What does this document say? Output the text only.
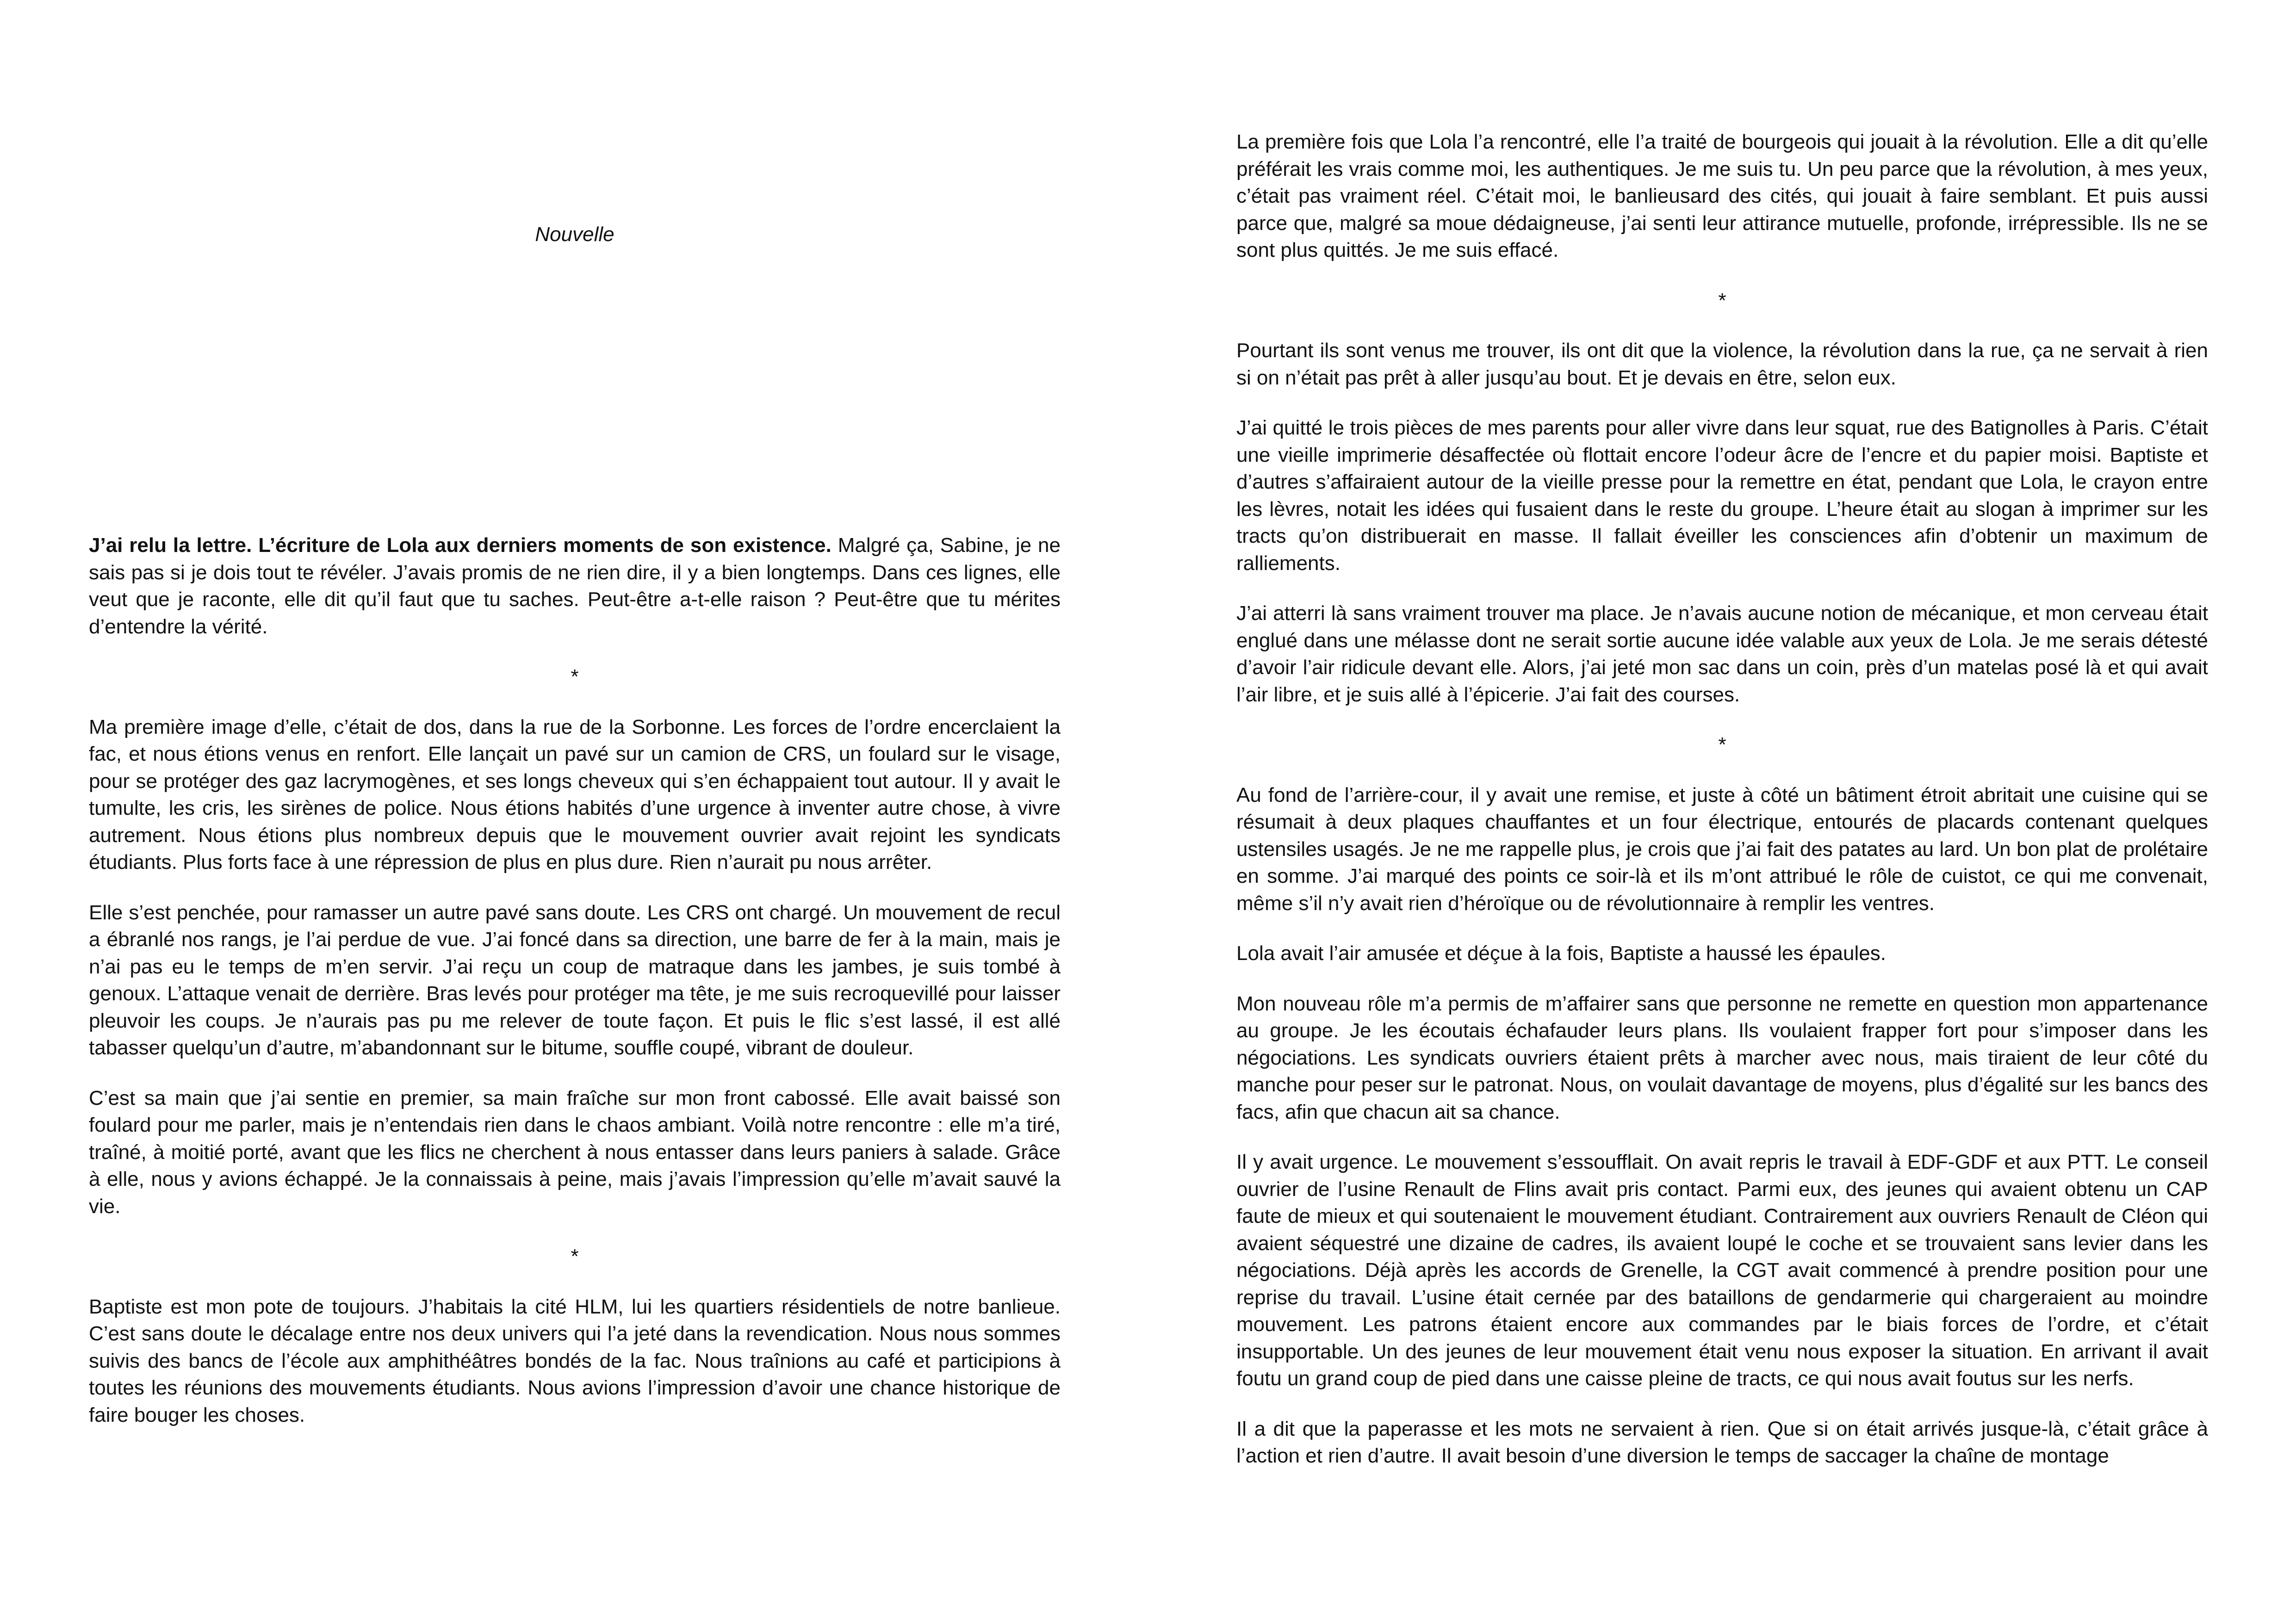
Nouvelle

J’ai relu la lettre. L’écriture de Lola aux derniers moments de son existence. Malgré ça, Sabine, je ne sais pas si je dois tout te révéler. J’avais promis de ne rien dire, il y a bien longtemps. Dans ces lignes, elle veut que je raconte, elle dit qu’il faut que tu saches. Peut-être a-t-elle raison ? Peut-être que tu mérites d’entendre la vérité.

*

Ma première image d’elle, c’était de dos, dans la rue de la Sorbonne. Les forces de l’ordre encerclaient la fac, et nous étions venus en renfort. Elle lançait un pavé sur un camion de CRS, un foulard sur le visage, pour se protéger des gaz lacrymogènes, et ses longs cheveux qui s’en échappaient tout autour. Il y avait le tumulte, les cris, les sirènes de police. Nous étions habités d’une urgence à inventer autre chose, à vivre autrement. Nous étions plus nombreux depuis que le mouvement ouvrier avait rejoint les syndicats étudiants. Plus forts face à une répression de plus en plus dure. Rien n’aurait pu nous arrêter.

Elle s’est penchée, pour ramasser un autre pavé sans doute. Les CRS ont chargé. Un mouvement de recul a ébranlé nos rangs, je l’ai perdue de vue. J’ai foncé dans sa direction, une barre de fer à la main, mais je n’ai pas eu le temps de m’en servir. J’ai reçu un coup de matraque dans les jambes, je suis tombé à genoux. L’attaque venait de derrière. Bras levés pour protéger ma tête, je me suis recroquevillé pour laisser pleuvoir les coups. Je n’aurais pas pu me relever de toute façon. Et puis le flic s’est lassé, il est allé tabasser quelqu’un d’autre, m’abandonnant sur le bitume, souffle coupé, vibrant de douleur.

C’est sa main que j’ai sentie en premier, sa main fraîche sur mon front cabossé. Elle avait baissé son foulard pour me parler, mais je n’entendais rien dans le chaos ambiant. Voilà notre rencontre : elle m’a tiré, traîné, à moitié porté, avant que les flics ne cherchent à nous entasser dans leurs paniers à salade. Grâce à elle, nous y avions échappé. Je la connaissais à peine, mais j’avais l’impression qu’elle m’avait sauvé la vie.

*

Baptiste est mon pote de toujours. J’habitais la cité HLM, lui les quartiers résidentiels de notre banlieue. C’est sans doute le décalage entre nos deux univers qui l’a jeté dans la revendication. Nous nous sommes suivis des bancs de l’école aux amphithéâtres bondés de la fac. Nous traînions au café et participions à toutes les réunions des mouvements étudiants. Nous avions l’impression d’avoir une chance historique de faire bouger les choses.

La première fois que Lola l’a rencontré, elle l’a traité de bourgeois qui jouait à la révolution. Elle a dit qu’elle préférait les vrais comme moi, les authentiques. Je me suis tu. Un peu parce que la révolution, à mes yeux, c’était pas vraiment réel. C’était moi, le banlieusard des cités, qui jouait à faire semblant. Et puis aussi parce que, malgré sa moue dédaigneuse, j’ai senti leur attirance mutuelle, profonde, irrépressible. Ils ne se sont plus quittés. Je me suis effacé.

*

Pourtant ils sont venus me trouver, ils ont dit que la violence, la révolution dans la rue, ça ne servait à rien si on n’était pas prêt à aller jusqu’au bout. Et je devais en être, selon eux.

J’ai quitté le trois pièces de mes parents pour aller vivre dans leur squat, rue des Batignolles à Paris. C’était une vieille imprimerie désaffectée où flottait encore l’odeur âcre de l’encre et du papier moisi. Baptiste et d’autres s’affairaient autour de la vieille presse pour la remettre en état, pendant que Lola, le crayon entre les lèvres, notait les idées qui fusaient dans le reste du groupe. L’heure était au slogan à imprimer sur les tracts qu’on distribuerait en masse. Il fallait éveiller les consciences afin d’obtenir un maximum de ralliements.

J’ai atterri là sans vraiment trouver ma place. Je n’avais aucune notion de mécanique, et mon cerveau était englué dans une mélasse dont ne serait sortie aucune idée valable aux yeux de Lola. Je me serais détesté d’avoir l’air ridicule devant elle. Alors, j’ai jeté mon sac dans un coin, près d’un matelas posé là et qui avait l’air libre, et je suis allé à l’épicerie. J’ai fait des courses.

*

Au fond de l’arrière-cour, il y avait une remise, et juste à côté un bâtiment étroit abritait une cuisine qui se résumait à deux plaques chauffantes et un four électrique, entourés de placards contenant quelques ustensiles usagés. Je ne me rappelle plus, je crois que j’ai fait des patates au lard. Un bon plat de prolétaire en somme. J’ai marqué des points ce soir-là et ils m’ont attribué le rôle de cuistot, ce qui me convenait, même s’il n’y avait rien d’héroïque ou de révolutionnaire à remplir les ventres.

Lola avait l’air amusée et déçue à la fois, Baptiste a haussé les épaules.

Mon nouveau rôle m’a permis de m’affairer sans que personne ne remette en question mon appartenance au groupe. Je les écoutais échafauder leurs plans. Ils voulaient frapper fort pour s’imposer dans les négociations. Les syndicats ouvriers étaient prêts à marcher avec nous, mais tiraient de leur côté du manche pour peser sur le patronat. Nous, on voulait davantage de moyens, plus d’égalité sur les bancs des facs, afin que chacun ait sa chance.

Il y avait urgence. Le mouvement s’essoufflait. On avait repris le travail à EDF-GDF et aux PTT. Le conseil ouvrier de l’usine Renault de Flins avait pris contact. Parmi eux, des jeunes qui avaient obtenu un CAP faute de mieux et qui soutenaient le mouvement étudiant. Contrairement aux ouvriers Renault de Cléon qui avaient séquestré une dizaine de cadres, ils avaient loupé le coche et se trouvaient sans levier dans les négociations. Déjà après les accords de Grenelle, la CGT avait commencé à prendre position pour une reprise du travail. L’usine était cernée par des bataillons de gendarmerie qui chargeraient au moindre mouvement. Les patrons étaient encore aux commandes par le biais forces de l’ordre, et c’était insupportable. Un des jeunes de leur mouvement était venu nous exposer la situation. En arrivant il avait foutu un grand coup de pied dans une caisse pleine de tracts, ce qui nous avait foutus sur les nerfs.

Il a dit que la paperasse et les mots ne servaient à rien. Que si on était arrivés jusque-là, c’était grâce à l’action et rien d’autre. Il avait besoin d’une diversion le temps de saccager la chaîne de montage
